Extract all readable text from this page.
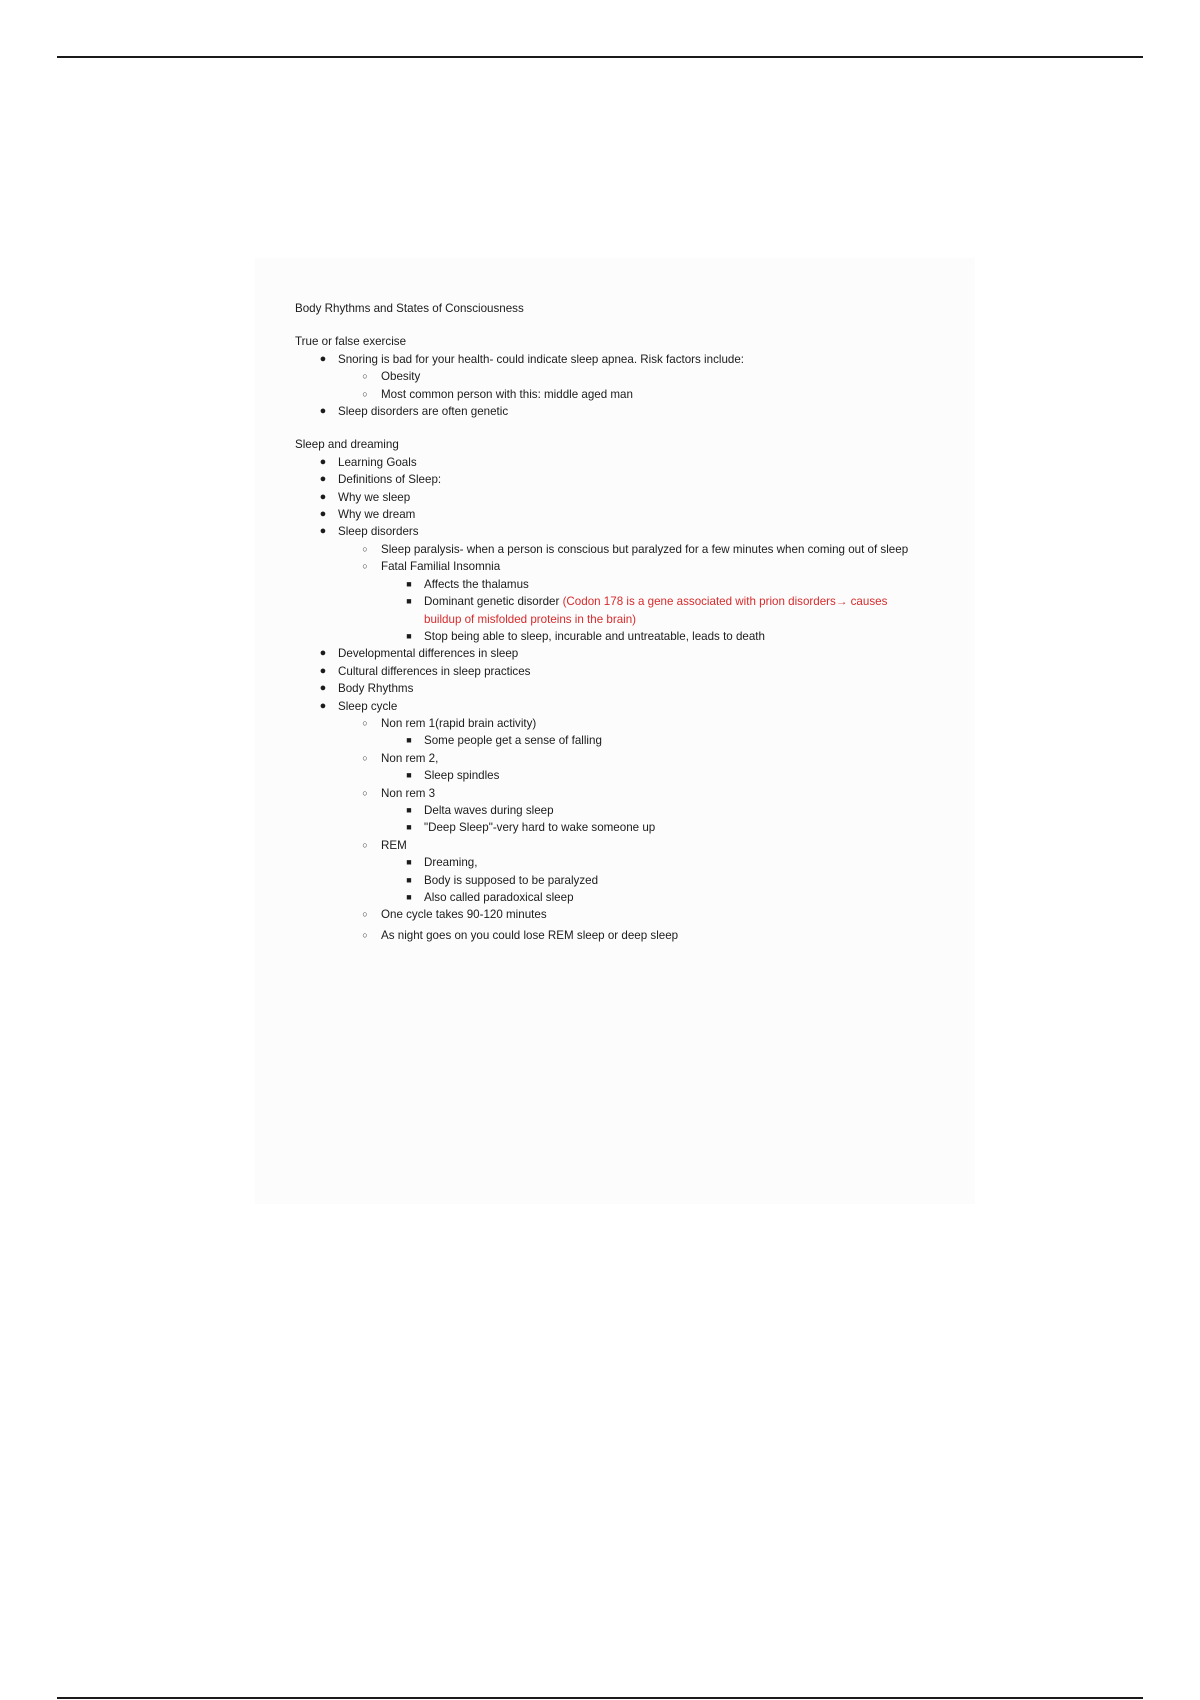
Body Rhythms and States of Consciousness
True or false exercise
●	Snoring is bad for your health- could indicate sleep apnea. Risk factors include:
○	Obesity
○	Most common person with this: middle aged man
●	Sleep disorders are often genetic
Sleep and dreaming
●	Learning Goals
●	Definitions of Sleep:
●	Why we sleep
●	Why we dream
●	Sleep disorders
○	Sleep paralysis- when a person is conscious but paralyzed for a few minutes when coming out of sleep
○	Fatal Familial Insomnia
■	Affects the thalamus
■	Dominant genetic disorder (Codon 178 is a gene associated with prion disorders→ causes buildup of misfolded proteins in the brain)
■	Stop being able to sleep, incurable and untreatable, leads to death
●	Developmental differences in sleep
●	Cultural differences in sleep practices
●	Body Rhythms
●	Sleep cycle
○	Non rem 1(rapid brain activity)
■	Some people get a sense of falling
○	Non rem 2,
■	Sleep spindles
○	Non rem 3
■	Delta waves during sleep
■	"Deep Sleep"-very hard to wake someone up
○	REM
■	Dreaming,
■	Body is supposed to be paralyzed
■	Also called paradoxical sleep
○	One cycle takes 90-120 minutes
○	As night goes on you could lose REM sleep or deep sleep
